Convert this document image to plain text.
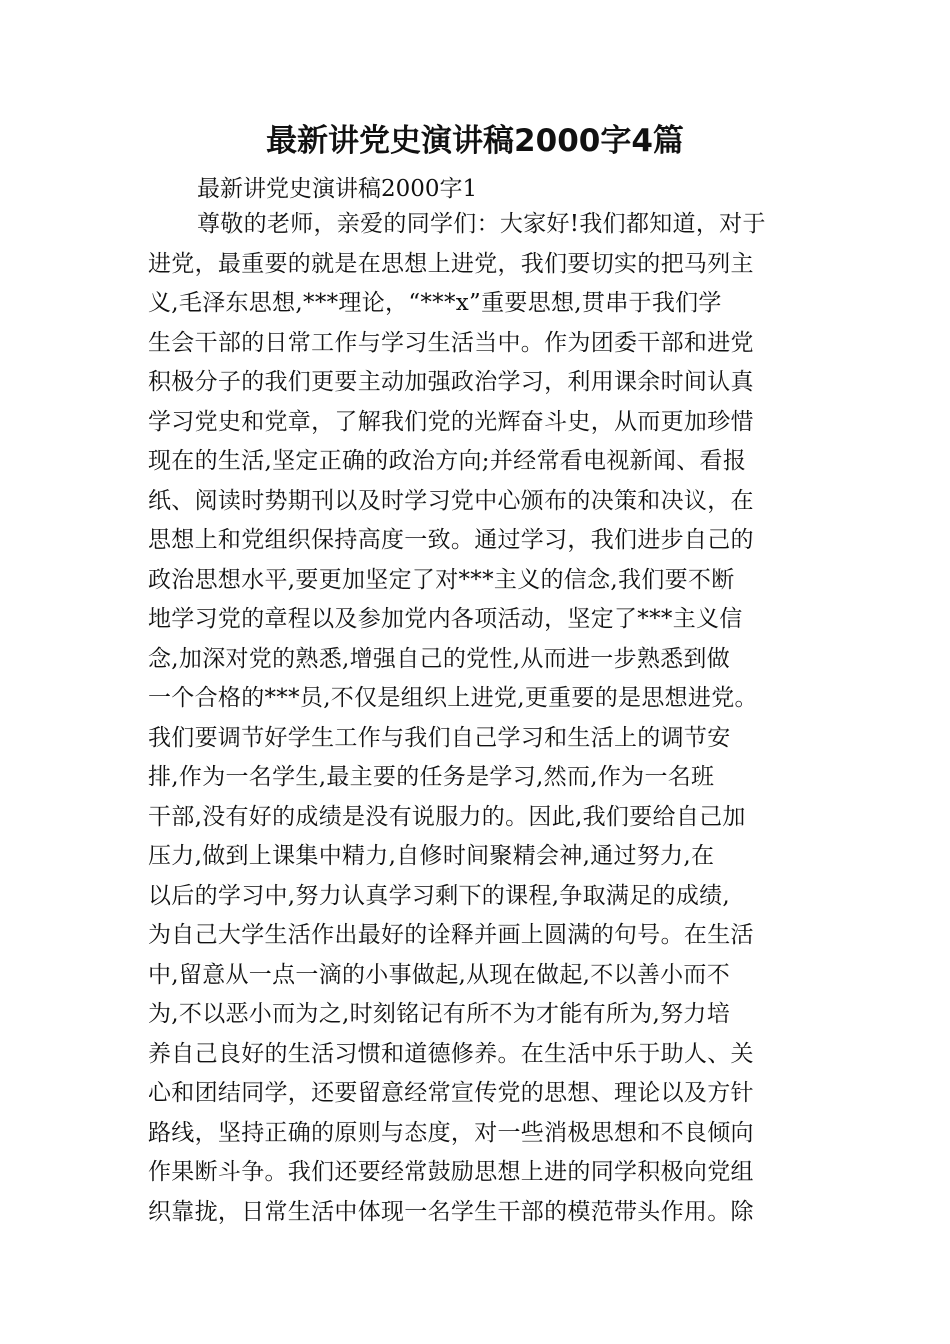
最新讲党史演讲稿2000字4篇

最新讲党史演讲稿2000字1

尊敬的老师，亲爱的同学们：大家好!我们都知道，对于
进党，最重要的就是在思想上进党，我们要切实的把马列主
义,毛泽东思想,***理论，“***x”重要思想,贯串于我们学
生会干部的日常工作与学习生活当中。作为团委干部和进党
积极分子的我们更要主动加强政治学习，利用课余时间认真
学习党史和党章，了解我们党的光辉奋斗史，从而更加珍惜
现在的生活,坚定正确的政治方向;并经常看电视新闻、看报
纸、阅读时势期刊以及时学习党中心颁布的决策和决议，在
思想上和党组织保持高度一致。通过学习，我们进步自己的
政治思想水平,要更加坚定了对***主义的信念,我们要不断
地学习党的章程以及参加党内各项活动，坚定了***主义信
念,加深对党的熟悉,增强自己的党性,从而进一步熟悉到做
一个合格的***员,不仅是组织上进党,更重要的是思想进党。
我们要调节好学生工作与我们自己学习和生活上的调节安
排,作为一名学生,最主要的任务是学习,然而,作为一名班
干部,没有好的成绩是没有说服力的。因此,我们要给自己加
压力,做到上课集中精力,自修时间聚精会神,通过努力,在
以后的学习中,努力认真学习剩下的课程,争取满足的成绩,
为自己大学生活作出最好的诠释并画上圆满的句号。在生活
中,留意从一点一滴的小事做起,从现在做起,不以善小而不
为,不以恶小而为之,时刻铭记有所不为才能有所为,努力培
养自己良好的生活习惯和道德修养。在生活中乐于助人、关
心和团结同学，还要留意经常宣传党的思想、理论以及方针
路线，坚持正确的原则与态度，对一些消极思想和不良倾向
作果断斗争。我们还要经常鼓励思想上进的同学积极向党组
织靠拢，日常生活中体现一名学生干部的模范带头作用。除
